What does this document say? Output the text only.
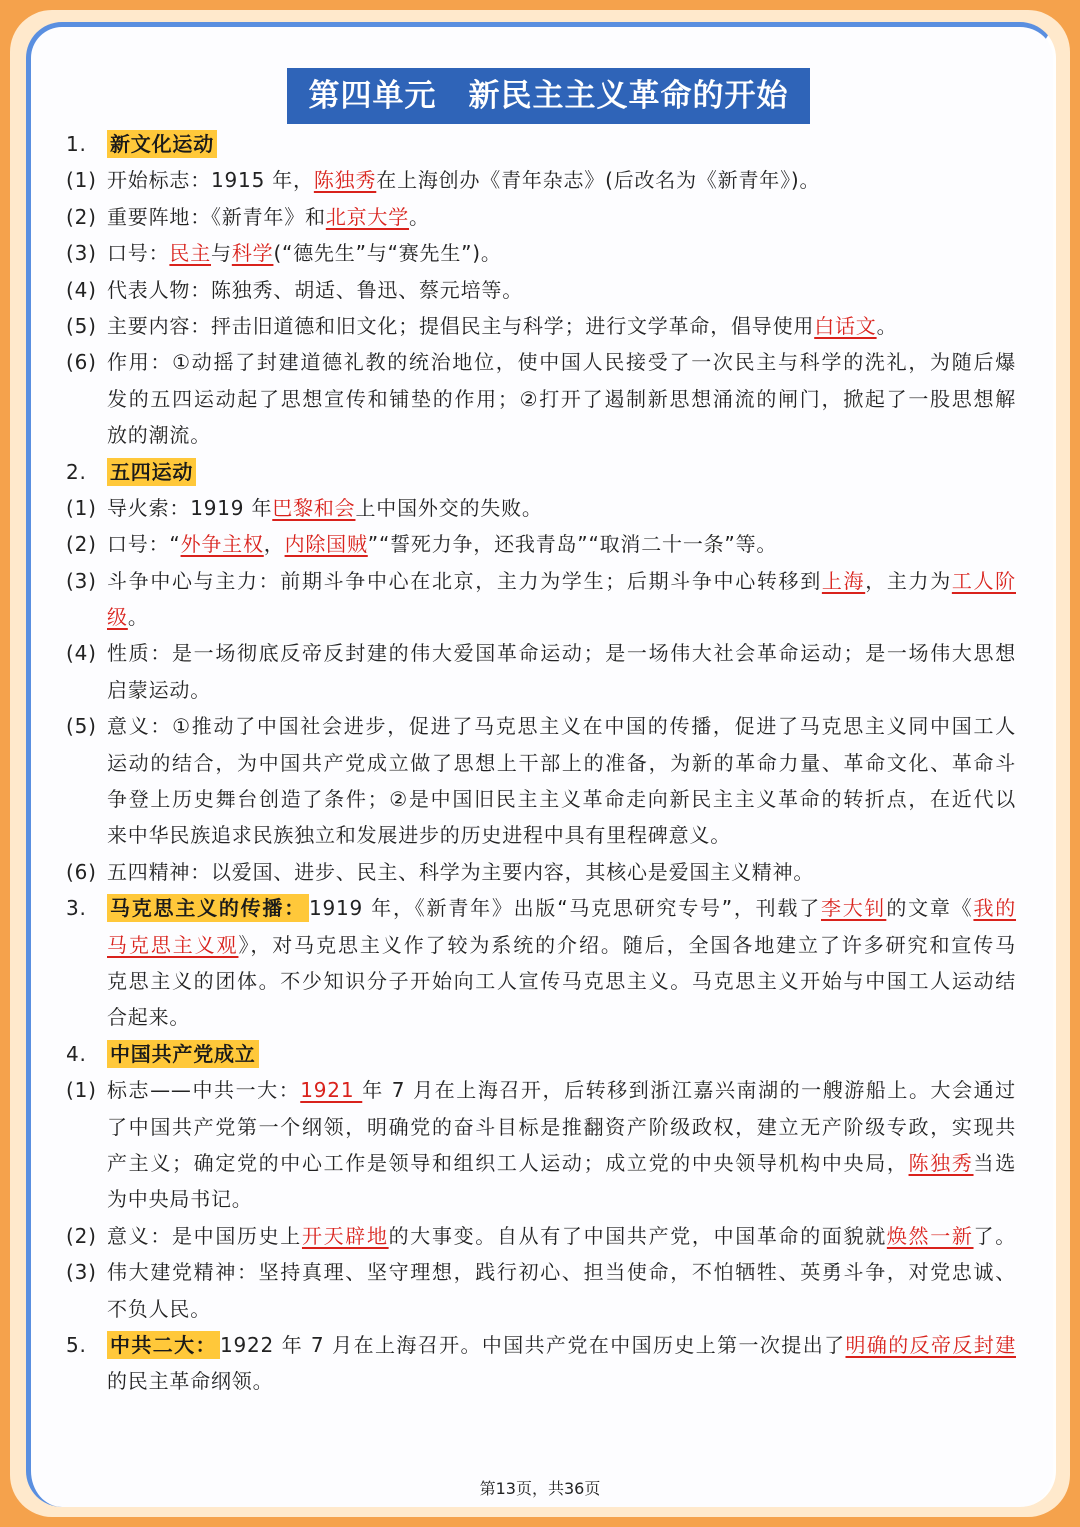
第四单元　新民主主义革命的开始
1. 新文化运动
(1) 开始标志：1915 年，陈独秀在上海创办《青年杂志》(后改名为《新青年》)。
(2) 重要阵地：《新青年》和北京大学。
(3) 口号：民主与科学(“德先生”与“赛先生”)。
(4) 代表人物：陈独秀、胡适、鲁迅、蔡元培等。
(5) 主要内容：抨击旧道德和旧文化；提倡民主与科学；进行文学革命，倡导使用白话文。
(6) 作用：①动摇了封建道德礼教的统治地位，使中国人民接受了一次民主与科学的洗礼，为随后爆
发的五四运动起了思想宣传和铺垫的作用；②打开了遏制新思想涌流的闸门，掀起了一股思想解
放的潮流。
2. 五四运动
(1) 导火索：1919 年巴黎和会上中国外交的失败。
(2) 口号：“外争主权，内除国贼”“誓死力争，还我青岛”“取消二十一条”等。
(3) 斗争中心与主力：前期斗争中心在北京，主力为学生；后期斗争中心转移到上海，主力为工人阶
级。
(4) 性质：是一场彻底反帝反封建的伟大爱国革命运动；是一场伟大社会革命运动；是一场伟大思想
启蒙运动。
(5) 意义：①推动了中国社会进步，促进了马克思主义在中国的传播，促进了马克思主义同中国工人
运动的结合，为中国共产党成立做了思想上干部上的准备，为新的革命力量、革命文化、革命斗
争登上历史舞台创造了条件；②是中国旧民主主义革命走向新民主主义革命的转折点，在近代以
来中华民族追求民族独立和发展进步的历史进程中具有里程碑意义。
(6) 五四精神：以爱国、进步、民主、科学为主要内容，其核心是爱国主义精神。
3. 马克思主义的传播： 1919 年，《新青年》出版“马克思研究专号”，刊载了李大钊的文章《我的
马克思主义观》，对马克思主义作了较为系统的介绍。随后，全国各地建立了许多研究和宣传马
克思主义的团体。不少知识分子开始向工人宣传马克思主义。马克思主义开始与中国工人运动结
合起来。
4. 中国共产党成立
(1) 标志——中共一大：1921 年 7 月在上海召开，后转移到浙江嘉兴南湖的一艘游船上。大会通过
了中国共产党第一个纲领，明确党的奋斗目标是推翻资产阶级政权，建立无产阶级专政，实现共
产主义；确定党的中心工作是领导和组织工人运动；成立党的中央领导机构中央局，陈独秀当选
为中央局书记。
(2) 意义：是中国历史上开天辟地的大事变。自从有了中国共产党，中国革命的面貌就焕然一新了。
(3) 伟大建党精神：坚持真理、坚守理想，践行初心、担当使命，不怕牺牲、英勇斗争，对党忠诚、
不负人民。
5. 中共二大： 1922 年 7 月在上海召开。中国共产党在中国历史上第一次提出了明确的反帝反封建
的民主革命纲领。
第13页，共36页
